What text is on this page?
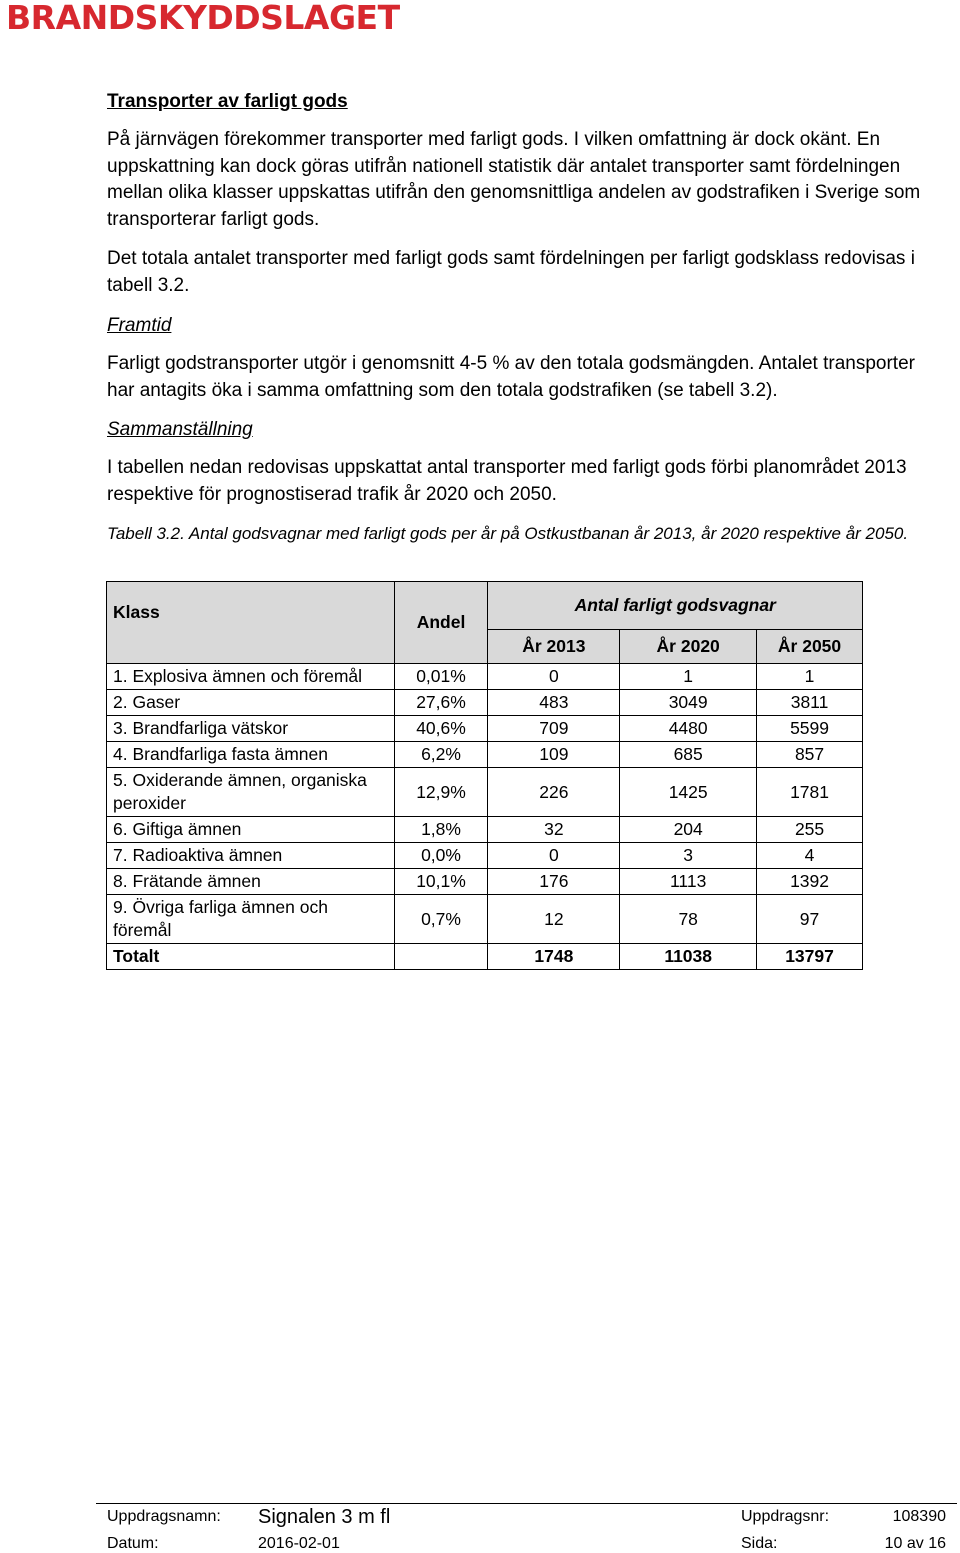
BRANDSKYDDSLAGET
Transporter av farligt gods

På järnvägen förekommer transporter med farligt gods. I vilken omfattning är dock okänt. En uppskattning kan dock göras utifrån nationell statistik där antalet transporter samt fördelningen mellan olika klasser uppskattas utifrån den genomsnittliga andelen av godstrafiken i Sverige som transporterar farligt gods.

Det totala antalet transporter med farligt gods samt fördelningen per farligt godsklass redovisas i tabell 3.2.

Framtid

Farligt godstransporter utgör i genomsnitt 4-5 % av den totala godsmängden. Antalet transporter har antagits öka i samma omfattning som den totala godstrafiken (se tabell 3.2).

Sammanställning

I tabellen nedan redovisas uppskattat antal transporter med farligt gods förbi planområdet 2013 respektive för prognostiserad trafik år 2020 och 2050.

Tabell 3.2. Antal godsvagnar med farligt gods per år på Ostkustbanan år 2013, år 2020 respektive år 2050.
Klass	Andel	Antal farligt godsvagnar		
		År 2013	År 2020	År 2050
1. Explosiva ämnen och föremål	0,01%	0	1	1
2. Gaser	27,6%	483	3049	3811
3. Brandfarliga vätskor	40,6%	709	4480	5599
4. Brandfarliga fasta ämnen	6,2%	109	685	857
5. Oxiderande ämnen, organiska peroxider	12,9%	226	1425	1781
6. Giftiga ämnen	1,8%	32	204	255
7. Radioaktiva ämnen	0,0%	0	3	4
8. Frätande ämnen	10,1%	176	1113	1392
9. Övriga farliga ämnen och föremål	0,7%	12	78	97
Totalt		1748	11038	13797
Uppdragsnamn: Signalen 3 m fl	Uppdragsnr:	108390
Datum:	2016-02-01	Sida:	10 av 16
